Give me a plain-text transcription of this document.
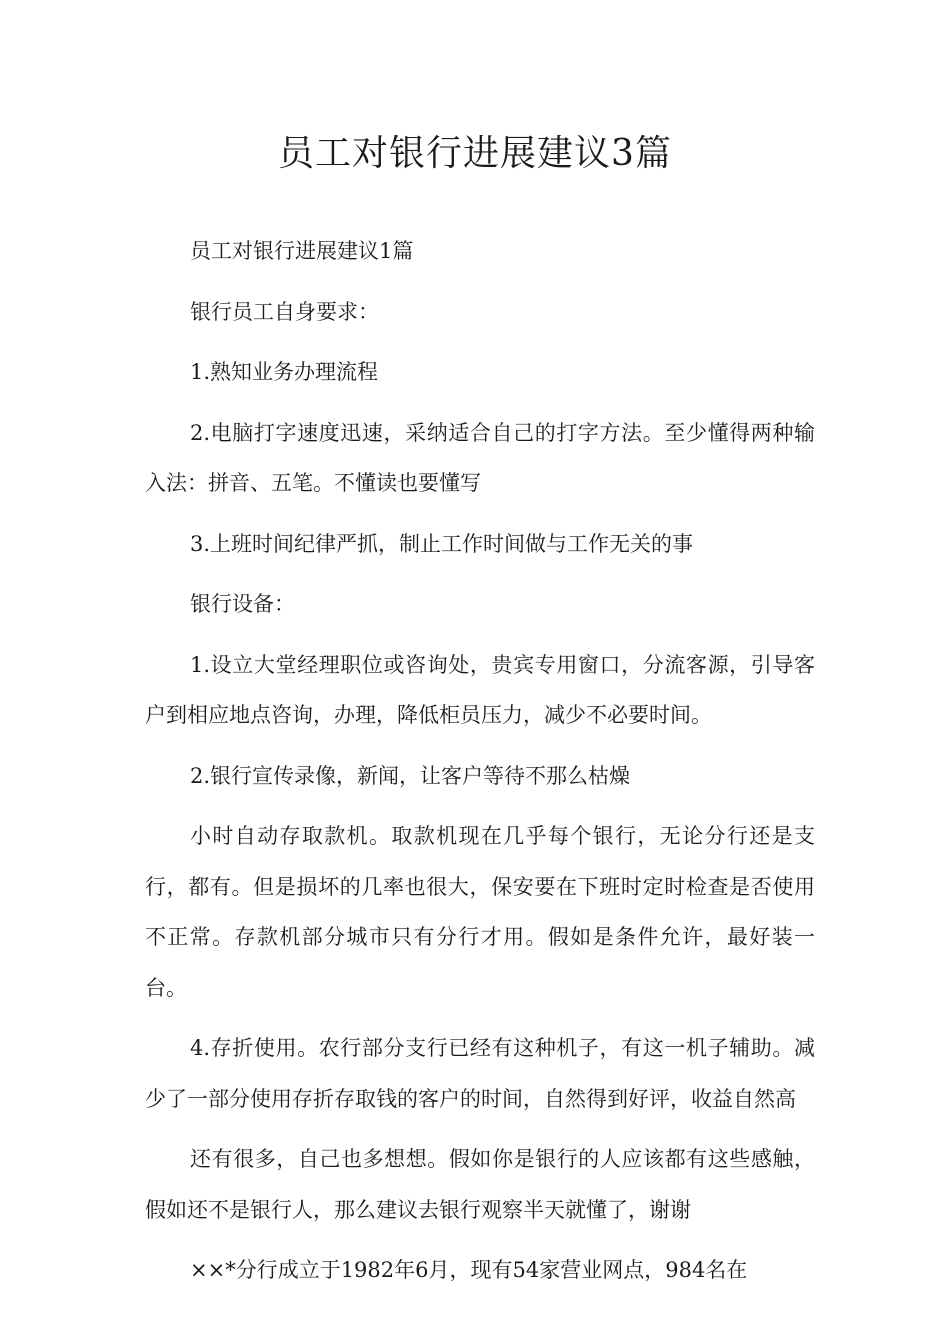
员工对银行进展建议3篇

员工对银行进展建议1篇

银行员工自身要求：

1.熟知业务办理流程

2.电脑打字速度迅速，采纳适合自己的打字方法。至少懂得两种输入法：拼音、五笔。不懂读也要懂写

3.上班时间纪律严抓，制止工作时间做与工作无关的事

银行设备：

1.设立大堂经理职位或咨询处，贵宾专用窗口，分流客源，引导客户到相应地点咨询，办理，降低柜员压力，减少不必要时间。

2.银行宣传录像，新闻，让客户等待不那么枯燥

小时自动存取款机。取款机现在几乎每个银行，无论分行还是支行，都有。但是损坏的几率也很大，保安要在下班时定时检查是否使用不正常。存款机部分城市只有分行才用。假如是条件允许，最好装一台。

4.存折使用。农行部分支行已经有这种机子，有这一机子辅助。减少了一部分使用存折存取钱的客户的时间，自然得到好评，收益自然高

还有很多，自己也多想想。假如你是银行的人应该都有这些感触，假如还不是银行人，那么建议去银行观察半天就懂了，谢谢

××*分行成立于1982年6月，现有54家营业网点，984名在
